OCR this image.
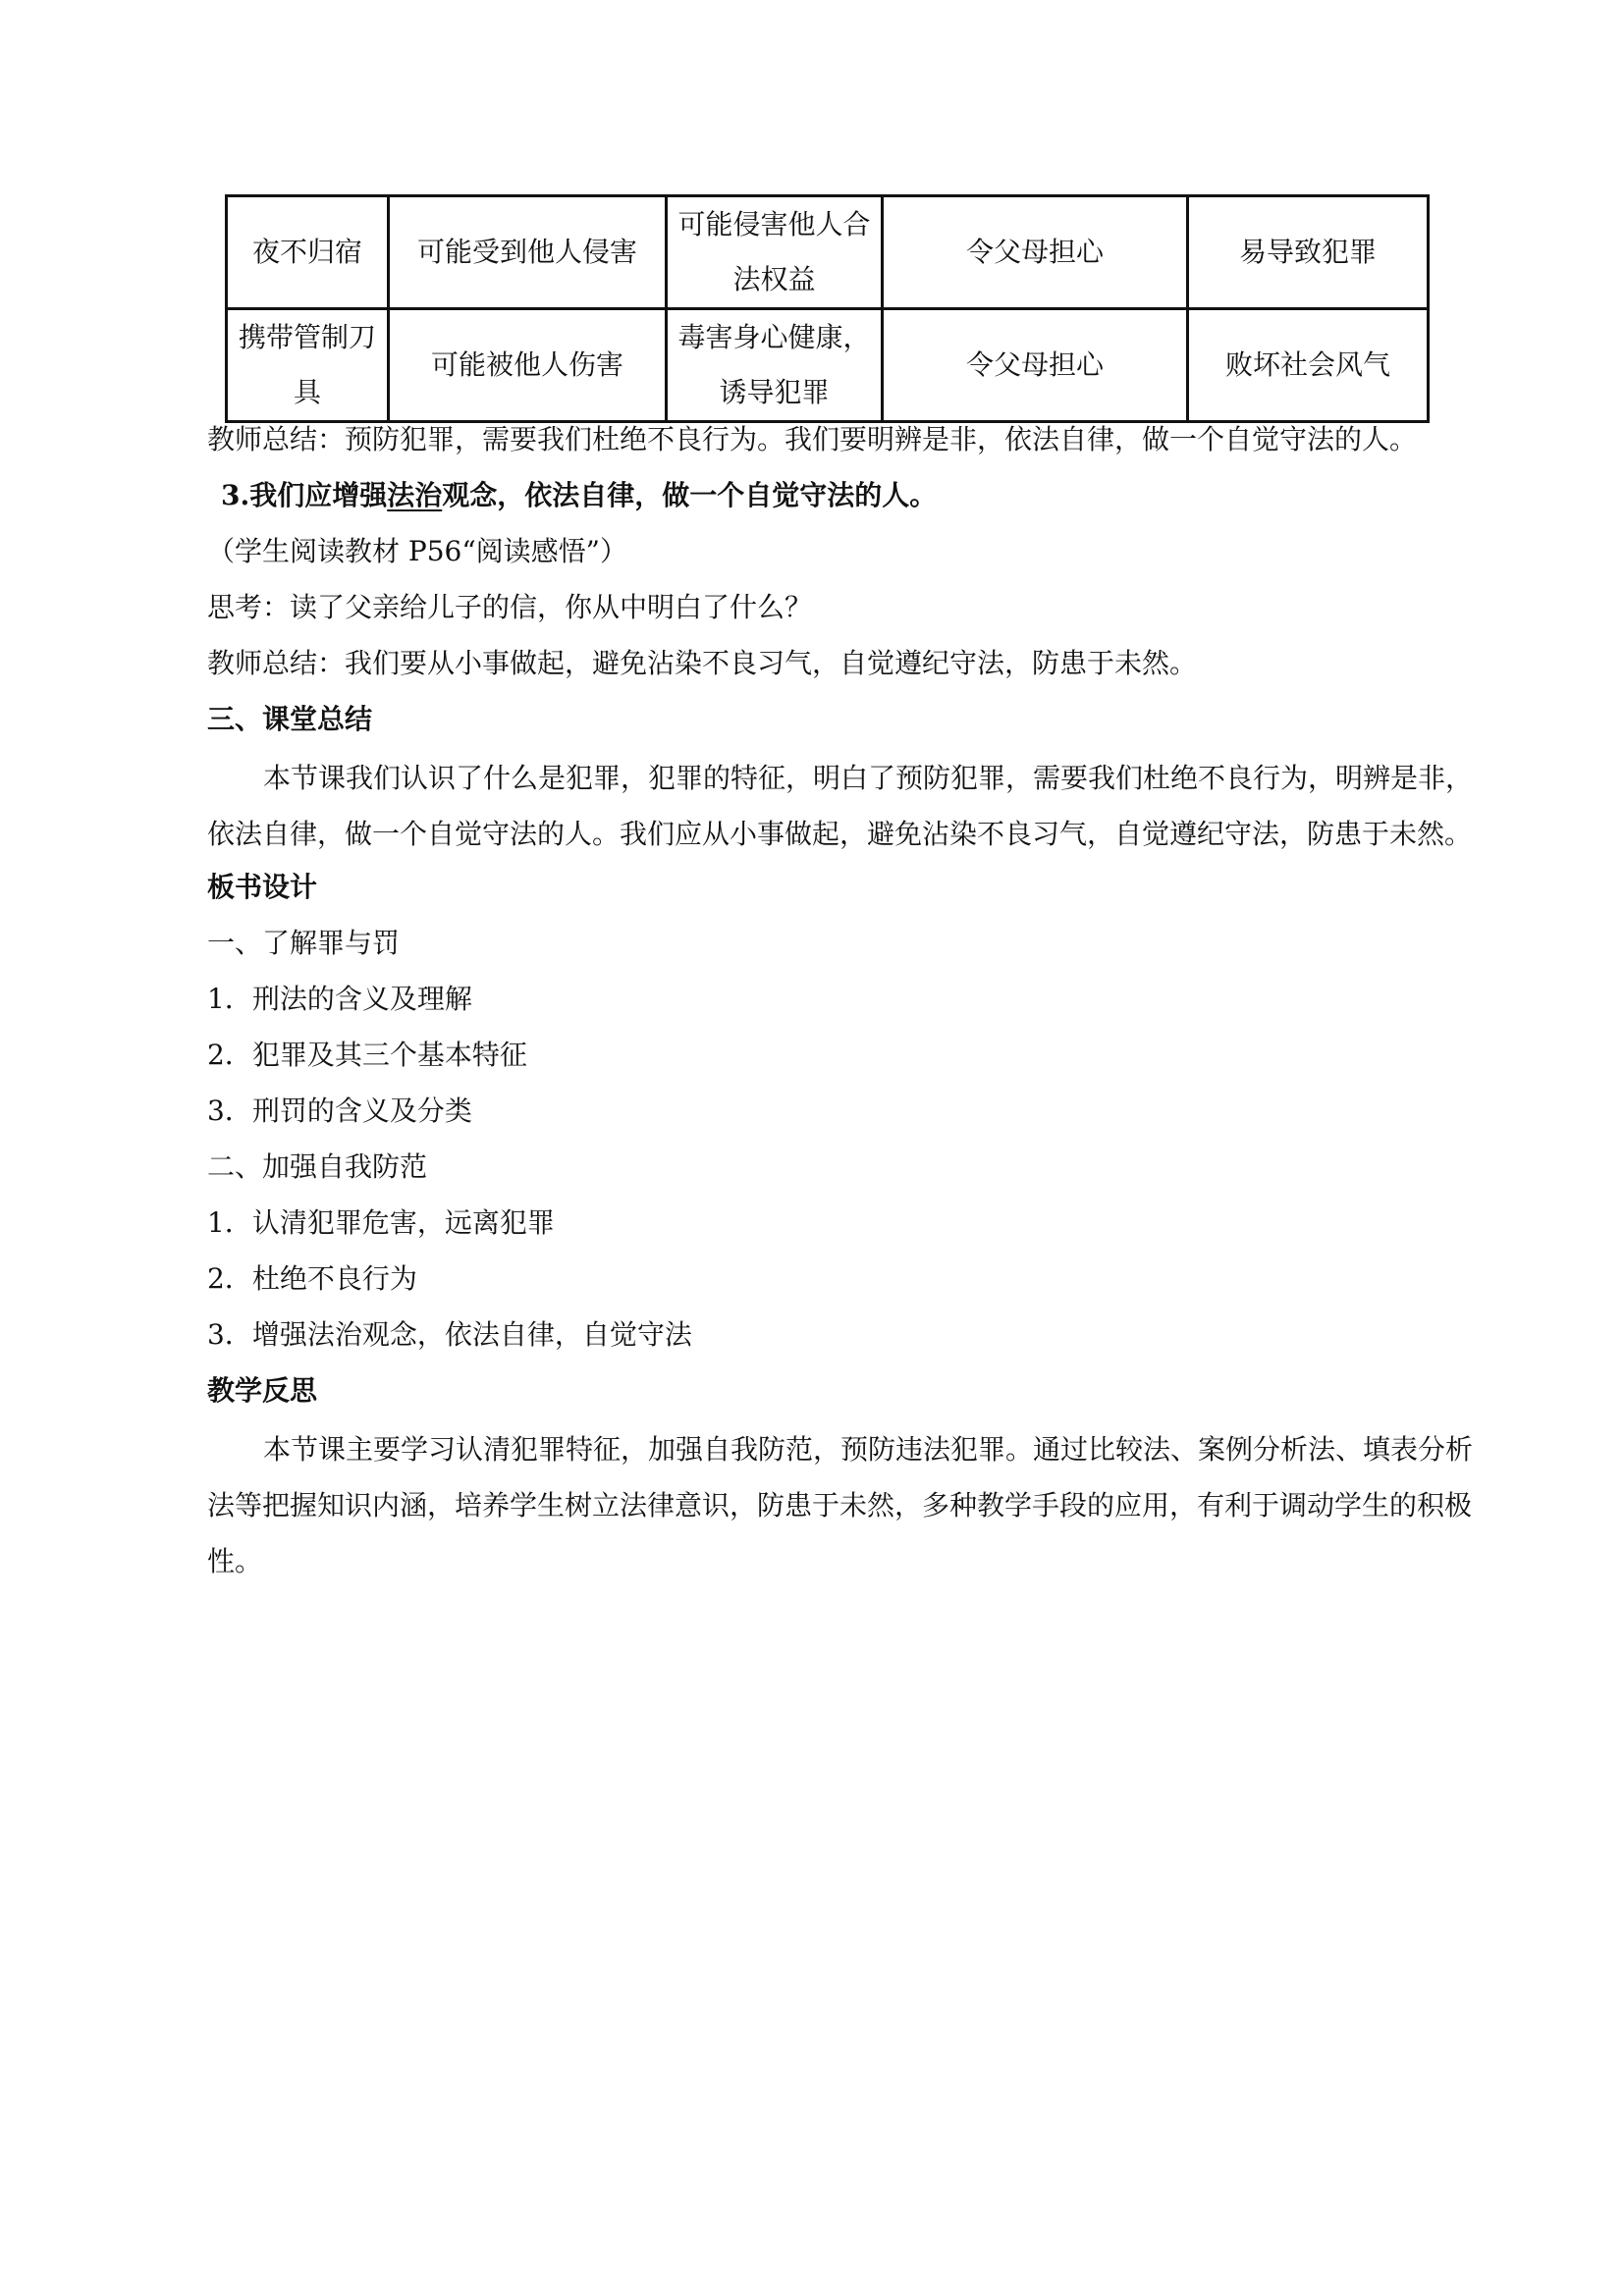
夜不归宿	可能受到他人侵害	可能侵害他人合法权益	令父母担心	易导致犯罪
携带管制刀具	可能被他人伤害	毒害身心健康，诱导犯罪	令父母担心	败坏社会风气
教师总结：预防犯罪，需要我们杜绝不良行为。我们要明辨是非，依法自律，做一个自觉守法的人。
3.我们应增强法治观念，依法自律，做一个自觉守法的人。
（学生阅读教材 P56“阅读感悟”）
思考：读了父亲给儿子的信，你从中明白了什么？
教师总结：我们要从小事做起，避免沾染不良习气，自觉遵纪守法，防患于未然。
三、课堂总结
本节课我们认识了什么是犯罪，犯罪的特征，明白了预防犯罪，需要我们杜绝不良行为，明辨是非，依法自律，做一个自觉守法的人。我们应从小事做起，避免沾染不良习气，自觉遵纪守法，防患于未然。
板书设计
一、了解罪与罚
1．刑法的含义及理解
2．犯罪及其三个基本特征
3．刑罚的含义及分类
二、加强自我防范
1．认清犯罪危害，远离犯罪
2．杜绝不良行为
3．增强法治观念，依法自律，自觉守法
教学反思
本节课主要学习认清犯罪特征，加强自我防范，预防违法犯罪。通过比较法、案例分析法、填表分析法等把握知识内涵，培养学生树立法律意识，防患于未然，多种教学手段的应用，有利于调动学生的积极性。
